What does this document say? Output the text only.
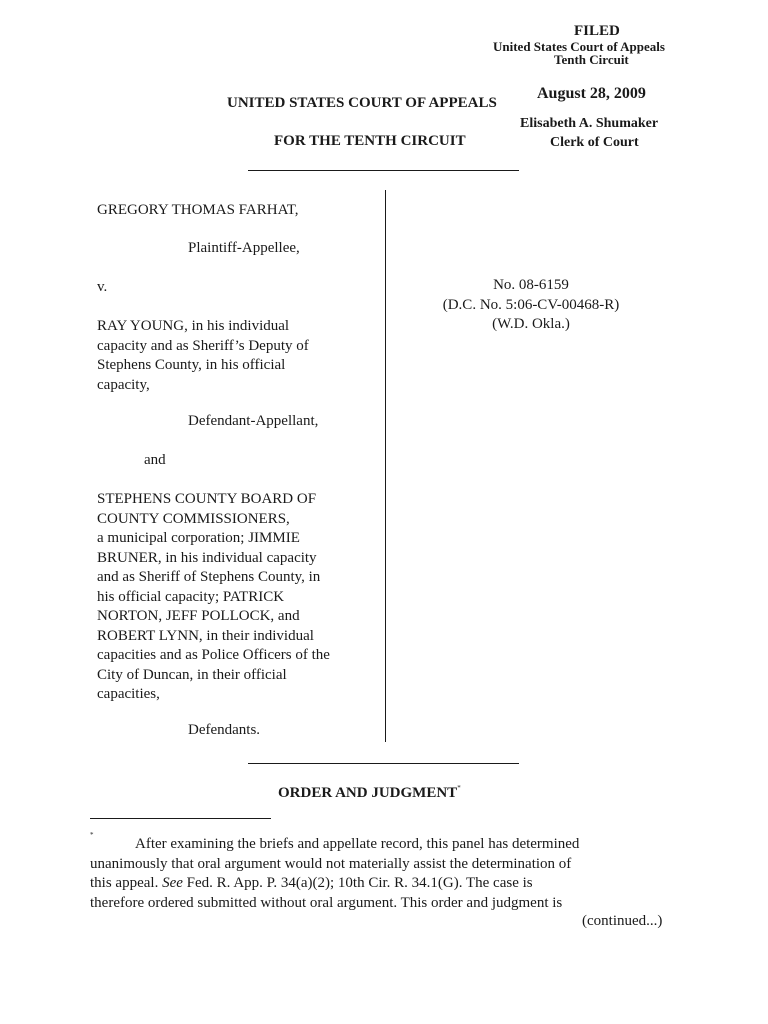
FILED
United States Court of Appeals
Tenth Circuit
August 28, 2009
Elisabeth A. Shumaker
Clerk of Court
UNITED STATES COURT OF APPEALS
FOR THE TENTH CIRCUIT
GREGORY THOMAS FARHAT,
Plaintiff-Appellee,
v.
RAY YOUNG, in his individual
capacity and as Sheriff’s Deputy of
Stephens County, in his official
capacity,
Defendant-Appellant,
and
STEPHENS COUNTY BOARD OF
COUNTY COMMISSIONERS,
a municipal corporation; JIMMIE
BRUNER, in his individual capacity
and as Sheriff of Stephens County, in
his official capacity; PATRICK
NORTON, JEFF POLLOCK, and
ROBERT LYNN, in their individual
capacities and as Police Officers of the
City of Duncan, in their official
capacities,
Defendants.
No. 08-6159
(D.C. No. 5:06-CV-00468-R)
(W.D. Okla.)
ORDER AND JUDGMENT*
*
After examining the briefs and appellate record, this panel has determined
unanimously that oral argument would not materially assist the determination of
this appeal. See Fed. R. App. P. 34(a)(2); 10th Cir. R. 34.1(G). The case is
therefore ordered submitted without oral argument. This order and judgment is
(continued...)
